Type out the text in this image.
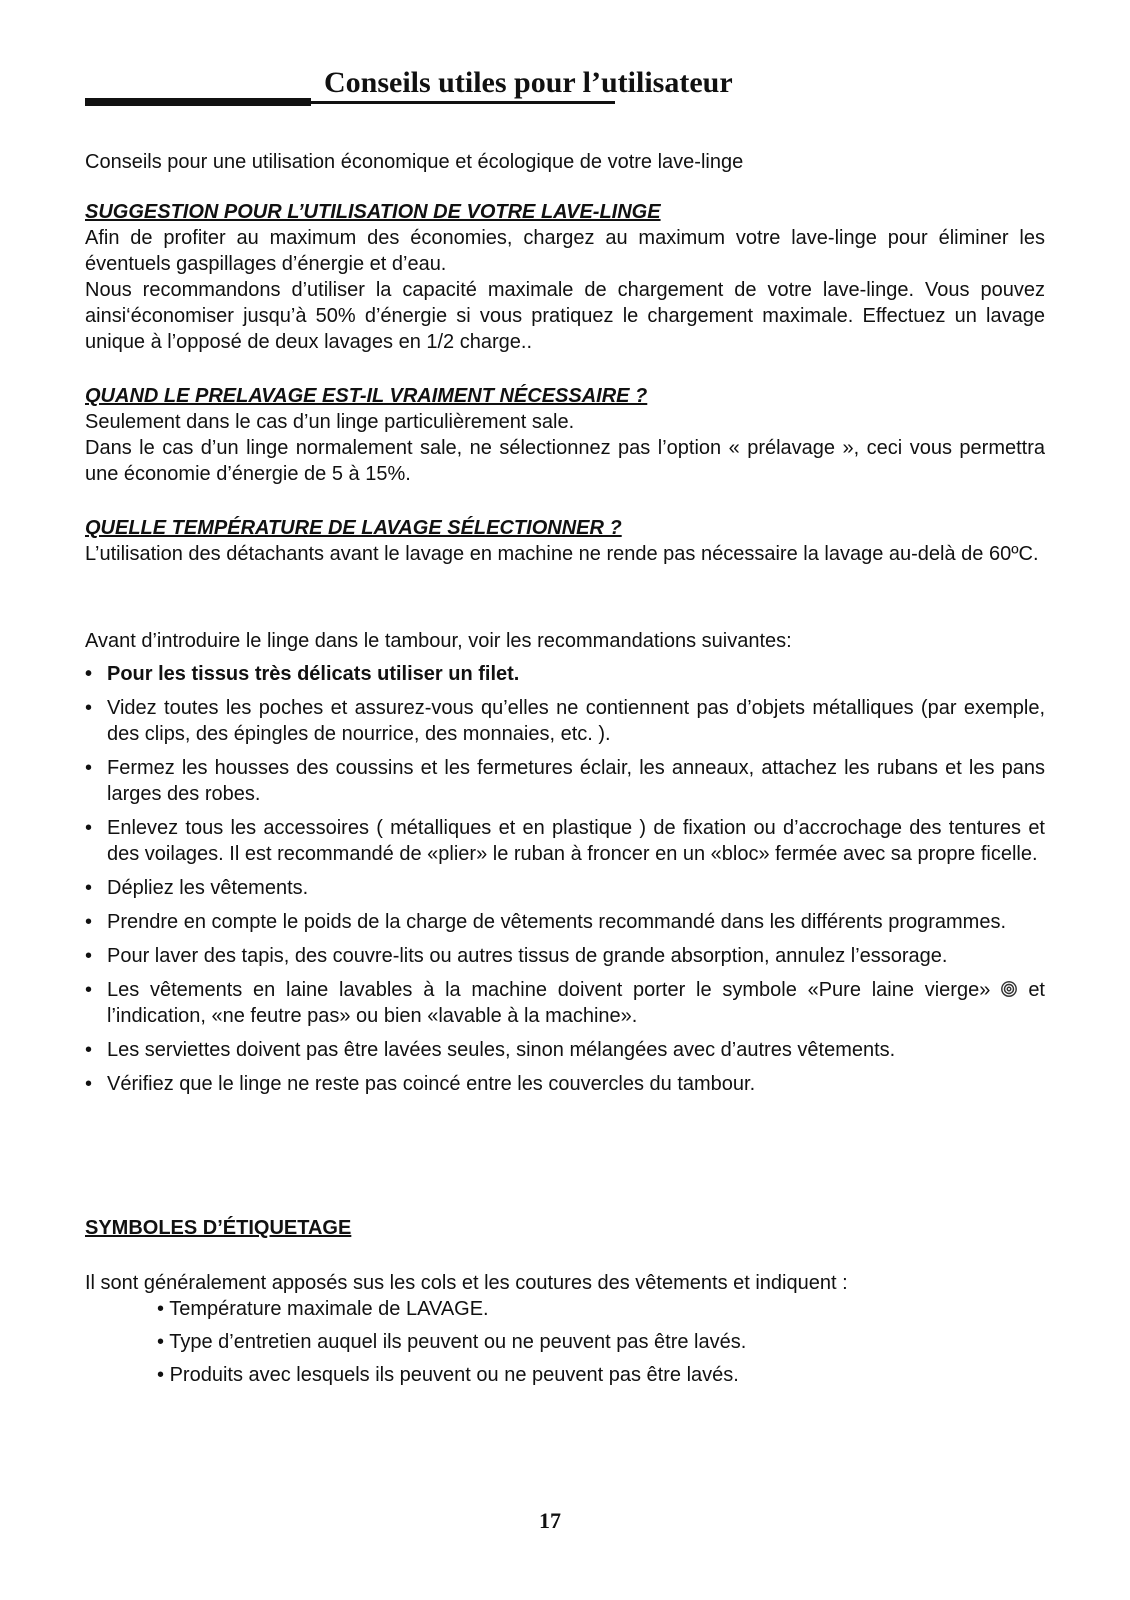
Conseils utiles pour l’utilisateur

Conseils pour une utilisation économique et écologique de votre lave-linge

SUGGESTION POUR L’UTILISATION DE VOTRE LAVE-LINGE

Afin de profiter au maximum des économies, chargez au maximum votre lave-linge pour éliminer les éventuels gaspillages d’énergie et d’eau.

Nous recommandons d’utiliser la capacité maximale de chargement de votre lave-linge. Vous pouvez ainsi‘économiser jusqu’à 50% d’énergie si vous pratiquez le chargement maximale. Effectuez un lavage unique à l’opposé de deux lavages en 1/2 charge..

QUAND LE PRELAVAGE EST-IL VRAIMENT NÉCESSAIRE ?

Seulement dans le cas d’un linge particulièrement sale.

Dans le cas d’un linge normalement sale, ne sélectionnez pas l’option « prélavage », ceci vous permettra une économie d’énergie de 5 à 15%.

QUELLE TEMPÉRATURE DE LAVAGE SÉLECTIONNER ?

L’utilisation des détachants avant le lavage en machine ne rende pas nécessaire la lavage au-delà de 60ºC.

Avant d’introduire le linge dans le tambour, voir les recommandations suivantes:

• Pour les tissus très délicats utiliser un filet.
• Videz toutes les poches et assurez-vous qu’elles ne contiennent pas d’objets métalliques (par exemple, des clips, des épingles de nourrice, des monnaies, etc. ).
• Fermez les housses des coussins et les fermetures éclair, les anneaux, attachez les rubans et les pans larges des robes.
• Enlevez tous les accessoires ( métalliques et en plastique ) de fixation ou d’accrochage des tentures et des voilages. Il est recommandé de «plier» le ruban à froncer en un «bloc» fermée avec sa propre ficelle.
• Dépliez les vêtements.
• Prendre en compte le poids de la charge de vêtements recommandé dans les différents programmes.
• Pour laver des tapis, des couvre-lits ou autres tissus de grande absorption, annulez l’essorage.
• Les vêtements en laine lavables à la machine doivent porter le symbole «Pure laine vierge» et l’indication, «ne feutre pas» ou bien «lavable à la machine».
• Les serviettes doivent pas être lavées seules, sinon mélangées avec d’autres vêtements.
• Vérifiez que le linge ne reste pas coincé entre les couvercles du tambour.
SYMBOLES D’ÉTIQUETAGE

Il sont généralement apposés sus les cols et les coutures des vêtements et indiquent :

• Température maximale de LAVAGE.
• Type d’entretien auquel ils peuvent ou ne peuvent pas être lavés.
• Produits avec lesquels ils peuvent ou ne peuvent pas être lavés.

17
